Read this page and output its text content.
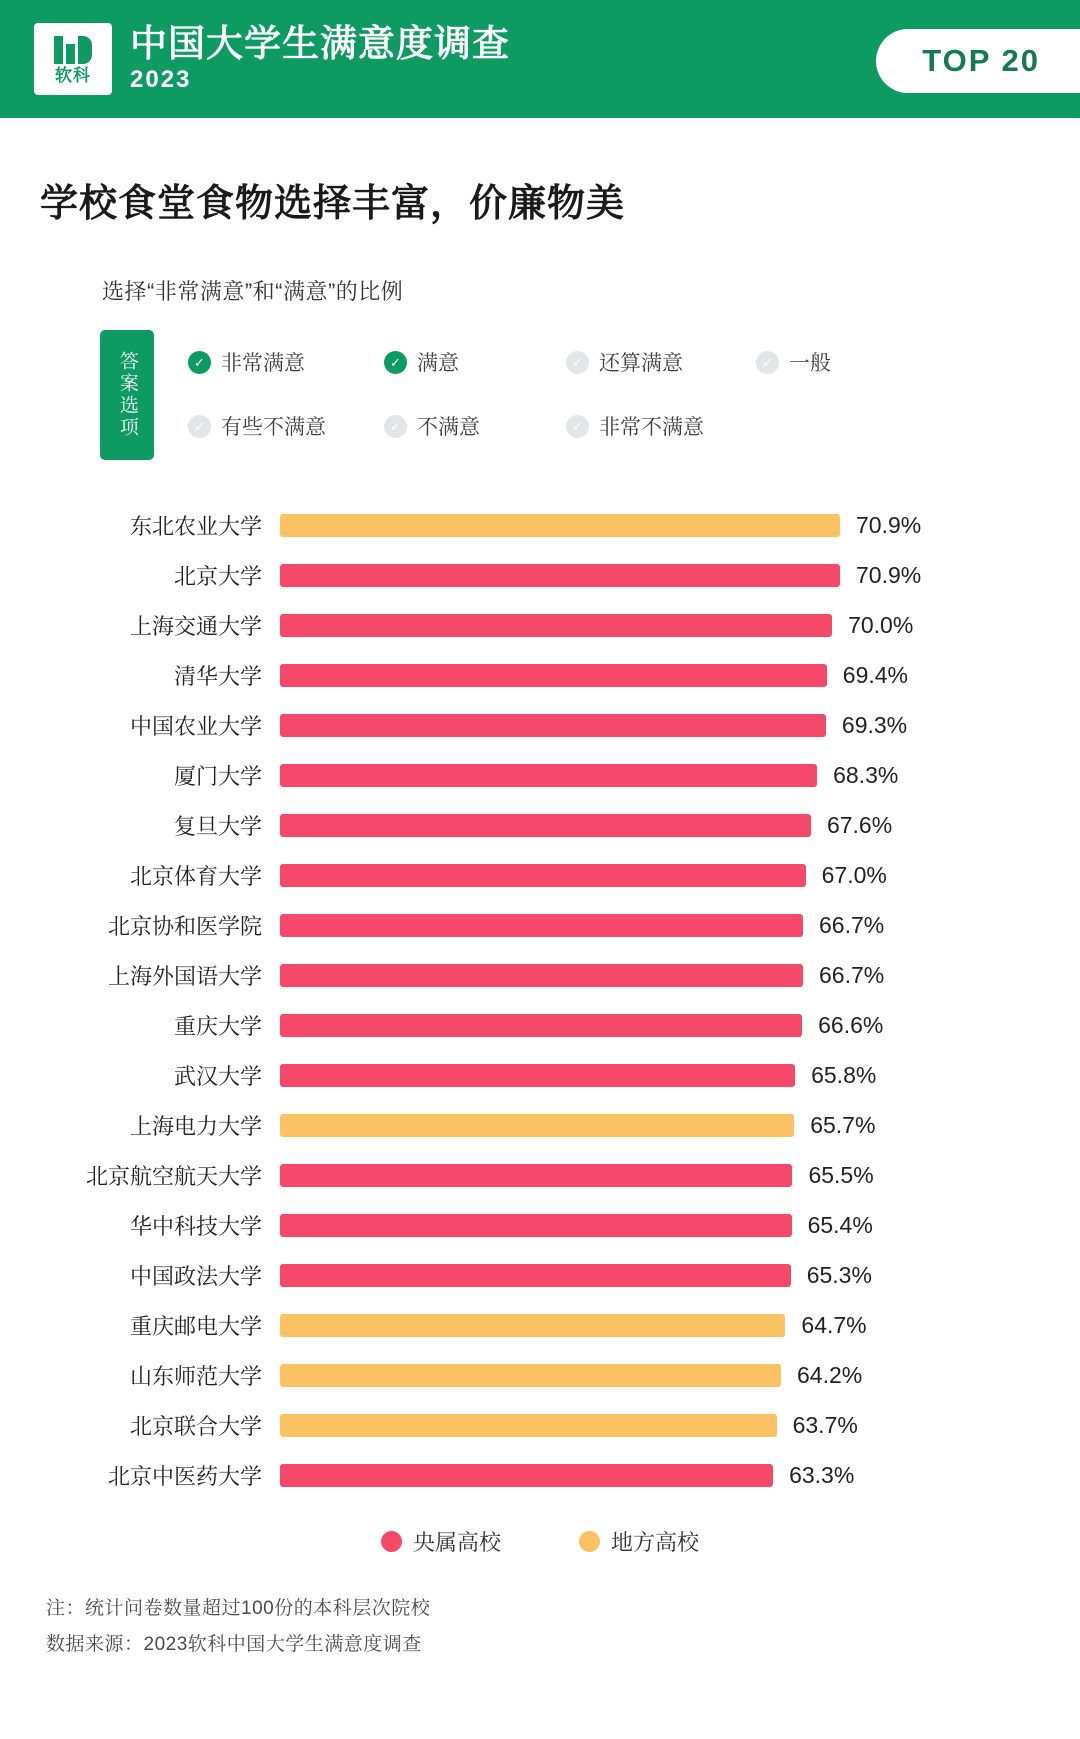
软科
中国大学生满意度调查
2023
TOP 20
学校食堂食物选择丰富，价廉物美
选择“非常满意”和“满意”的比例
答案选项	✓ 非常满意	✓ 满意	✓ 还算满意	✓ 一般
✓ 有些不满意	✓ 不满意	✓ 非常不满意
东北农业大学	70.9%
北京大学	70.9%
上海交通大学	70.0%
清华大学	69.4%
中国农业大学	69.3%
厦门大学	68.3%
复旦大学	67.6%
北京体育大学	67.0%
北京协和医学院	66.7%
上海外国语大学	66.7%
重庆大学	66.6%
武汉大学	65.8%
上海电力大学	65.7%
北京航空航天大学	65.5%
华中科技大学	65.4%
中国政法大学	65.3%
重庆邮电大学	64.7%
山东师范大学	64.2%
北京联合大学	63.7%
北京中医药大学	63.3%
央属高校	地方高校
注：统计问卷数量超过100份的本科层次院校
数据来源：2023软科中国大学生满意度调查
